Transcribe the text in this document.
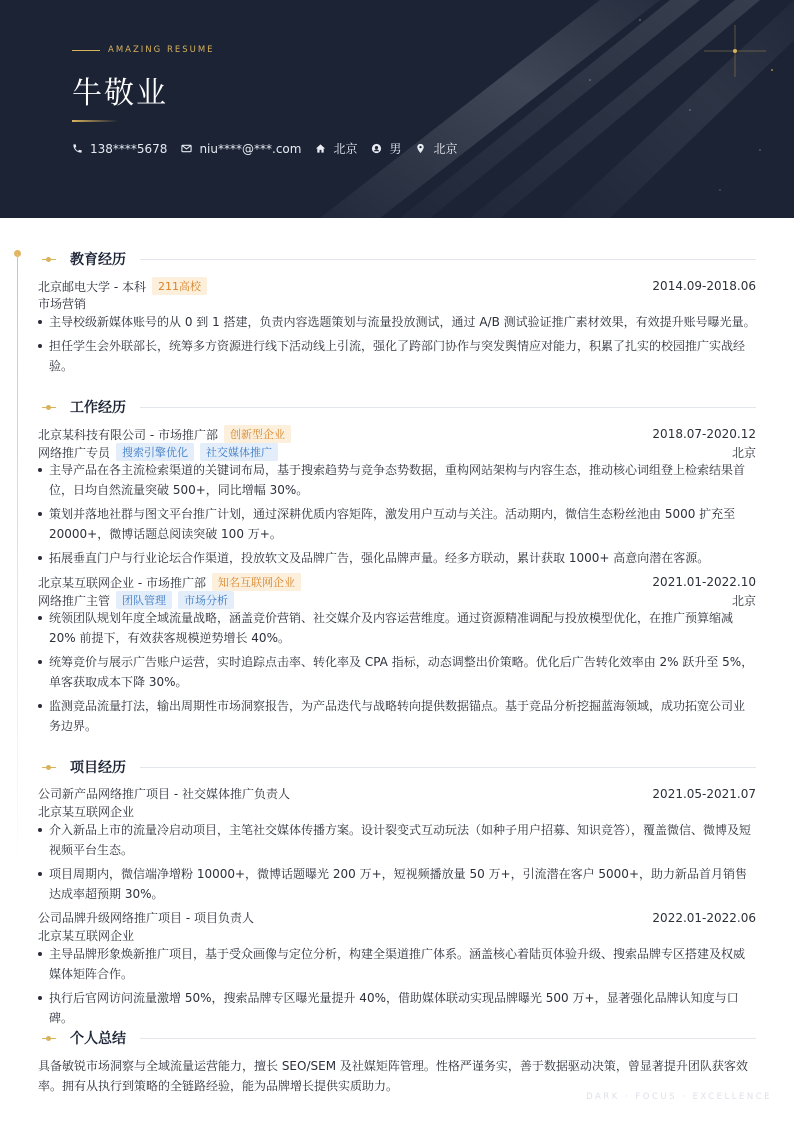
AMAZING RESUME
牛敬业
138****5678	niu****@***.com	北京	男	北京
教育经历
北京邮电大学 - 本科	211高校	2014.09-2018.06
市场营销
主导校级新媒体账号的从 0 到 1 搭建，负责内容选题策划与流量投放测试，通过 A/B 测试验证推广素材效果，有效提升账号曝光量。
担任学生会外联部长，统筹多方资源进行线下活动线上引流，强化了跨部门协作与突发舆情应对能力，积累了扎实的校园推广实战经验。
工作经历
北京某科技有限公司 - 市场推广部	创新型企业	2018.07-2020.12
网络推广专员	搜索引擎优化	社交媒体推广	北京
主导产品在各主流检索渠道的关键词布局，基于搜索趋势与竞争态势数据，重构网站架构与内容生态，推动核心词组登上检索结果首位，日均自然流量突破 500+，同比增幅 30%。
策划并落地社群与图文平台推广计划，通过深耕优质内容矩阵，激发用户互动与关注。活动期内，微信生态粉丝池由 5000 扩充至 20000+，微博话题总阅读突破 100 万+。
拓展垂直门户与行业论坛合作渠道，投放软文及品牌广告，强化品牌声量。经多方联动，累计获取 1000+ 高意向潜在客源。
北京某互联网企业 - 市场推广部	知名互联网企业	2021.01-2022.10
网络推广主管	团队管理	市场分析	北京
统领团队规划年度全域流量战略，涵盖竞价营销、社交媒介及内容运营维度。通过资源精准调配与投放模型优化，在推广预算缩减 20% 前提下，有效获客规模逆势增长 40%。
统筹竞价与展示广告账户运营，实时追踪点击率、转化率及 CPA 指标，动态调整出价策略。优化后广告转化效率由 2% 跃升至 5%，单客获取成本下降 30%。
监测竞品流量打法，输出周期性市场洞察报告，为产品迭代与战略转向提供数据锚点。基于竞品分析挖掘蓝海领域，成功拓宽公司业务边界。
项目经历
公司新产品网络推广项目 - 社交媒体推广负责人	2021.05-2021.07
北京某互联网企业
介入新品上市的流量冷启动项目，主笔社交媒体传播方案。设计裂变式互动玩法（如种子用户招募、知识竞答），覆盖微信、微博及短视频平台生态。
项目周期内，微信端净增粉 10000+，微博话题曝光 200 万+，短视频播放量 50 万+，引流潜在客户 5000+，助力新品首月销售达成率超预期 30%。
公司品牌升级网络推广项目 - 项目负责人	2022.01-2022.06
北京某互联网企业
主导品牌形象焕新推广项目，基于受众画像与定位分析，构建全渠道推广体系。涵盖核心着陆页体验升级、搜索品牌专区搭建及权威媒体矩阵合作。
执行后官网访问流量激增 50%，搜索品牌专区曝光量提升 40%，借助媒体联动实现品牌曝光 500 万+，显著强化品牌认知度与口碑。
个人总结
具备敏锐市场洞察与全域流量运营能力，擅长 SEO/SEM 及社媒矩阵管理。性格严谨务实，善于数据驱动决策，曾显著提升团队获客效率。拥有从执行到策略的全链路经验，能为品牌增长提供实质助力。
DARK · FOCUS · EXCELLENCE
